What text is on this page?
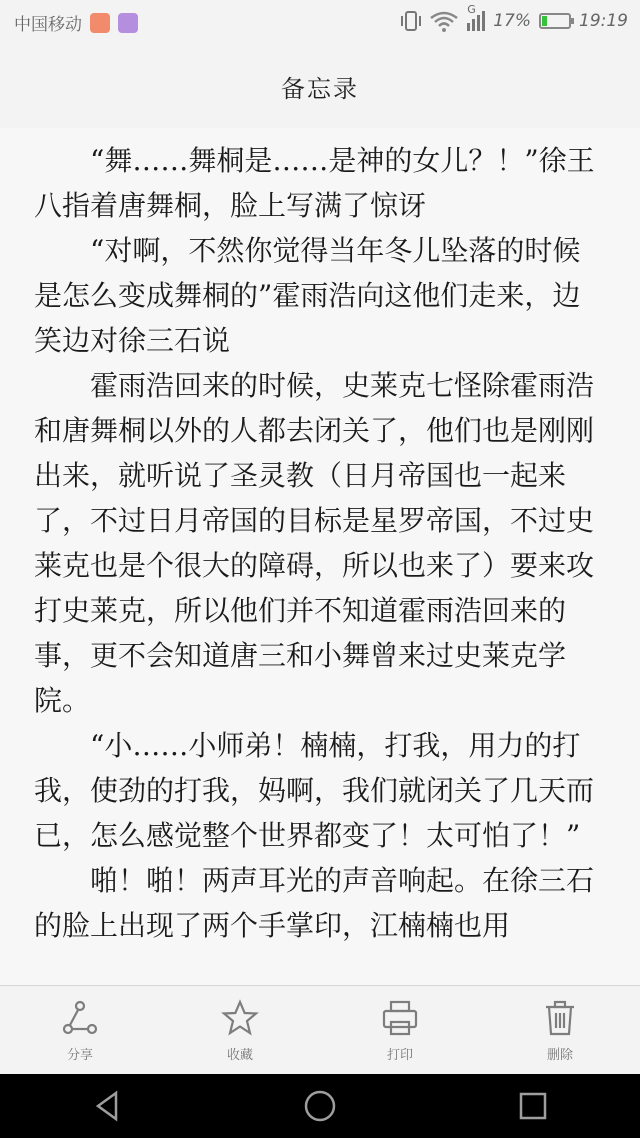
中国移动
G
17%	19:19
备忘录

“舞……舞桐是……是神的女儿？！”徐王八指着唐舞桐，脸上写满了惊讶

“对啊，不然你觉得当年冬儿坠落的时候是怎么变成舞桐的”霍雨浩向这他们走来，边笑边对徐三石说

霍雨浩回来的时候，史莱克七怪除霍雨浩和唐舞桐以外的人都去闭关了，他们也是刚刚出来，就听说了圣灵教（日月帝国也一起来了，不过日月帝国的目标是星罗帝国，不过史莱克也是个很大的障碍，所以也来了）要来攻打史莱克，所以他们并不知道霍雨浩回来的事，更不会知道唐三和小舞曾来过史莱克学院。

“小……小师弟！楠楠，打我，用力的打我，使劲的打我，妈啊，我们就闭关了几天而已，怎么感觉整个世界都变了！太可怕了！”

啪！啪！两声耳光的声音响起。在徐三石的脸上出现了两个手掌印，江楠楠也用

分享	收藏	打印	删除
